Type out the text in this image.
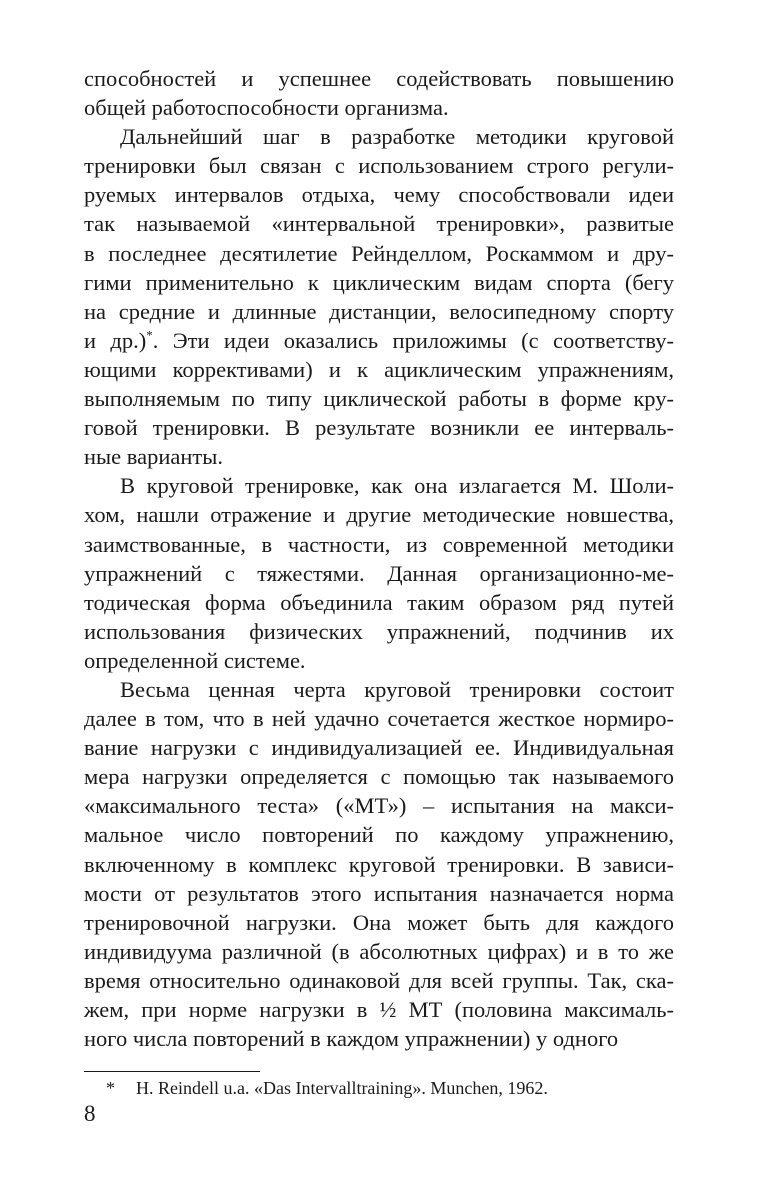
способностей и успешнее содействовать повышению
общей работоспособности организма.
Дальнейший шаг в разработке методики круговой
тренировки был связан с использованием строго регули-
руемых интервалов отдыха, чему способствовали идеи
так называемой «интервальной тренировки», развитые
в последнее десятилетие Рейнделлом, Роскаммом и дру-
гими применительно к циклическим видам спорта (бегу
на средние и длинные дистанции, велосипедному спорту
и др.)*. Эти идеи оказались приложимы (с соответству-
ющими коррективами) и к ациклическим упражнениям,
выполняемым по типу циклической работы в форме кру-
говой тренировки. В результате возникли ее интерваль-
ные варианты.
В круговой тренировке, как она излагается М. Шоли-
хом, нашли отражение и другие методические новшества,
заимствованные, в частности, из современной методики
упражнений с тяжестями. Данная организационно-ме-
тодическая форма объединила таким образом ряд путей
использования физических упражнений, подчинив их
определенной системе.
Весьма ценная черта круговой тренировки состоит
далее в том, что в ней удачно сочетается жесткое нормиро-
вание нагрузки с индивидуализацией ее. Индивидуальная
мера нагрузки определяется с помощью так называемого
«максимального теста» («МТ») – испытания на макси-
мальное число повторений по каждому упражнению,
включенному в комплекс круговой тренировки. В зависи-
мости от результатов этого испытания назначается норма
тренировочной нагрузки. Она может быть для каждого
индивидуума различной (в абсолютных цифрах) и в то же
время относительно одинаковой для всей группы. Так, ска-
жем, при норме нагрузки в ½ МТ (половина максималь-
ного числа повторений в каждом упражнении) у одного
* H. Reindell u.a. «Das Intervalltraining». Munchen, 1962.
8
